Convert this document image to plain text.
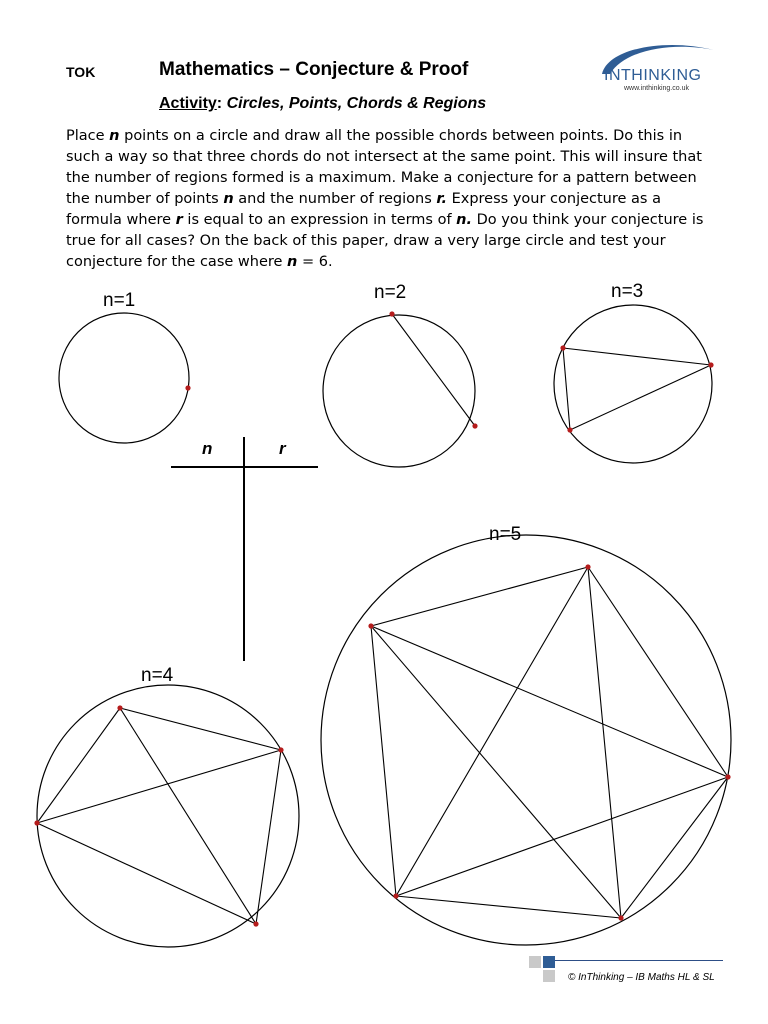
TOK	Mathematics – Conjecture & Proof
Activity: Circles, Points, Chords & Regions
INTHINKING
www.inthinking.co.uk

Place n points on a circle and draw all the possible chords between points. Do this in such a way so that three chords do not intersect at the same point. This will insure that the number of regions formed is a maximum. Make a conjecture for a pattern between the number of points n and the number of regions r. Express your conjecture as a formula where r is equal to an expression in terms of n. Do you think your conjecture is true for all cases? On the back of this paper, draw a very large circle and test your conjecture for the case where n = 6.

n=1	n=2	n=3
n=4
n=5
n	r
© InThinking – IB Maths HL & SL
